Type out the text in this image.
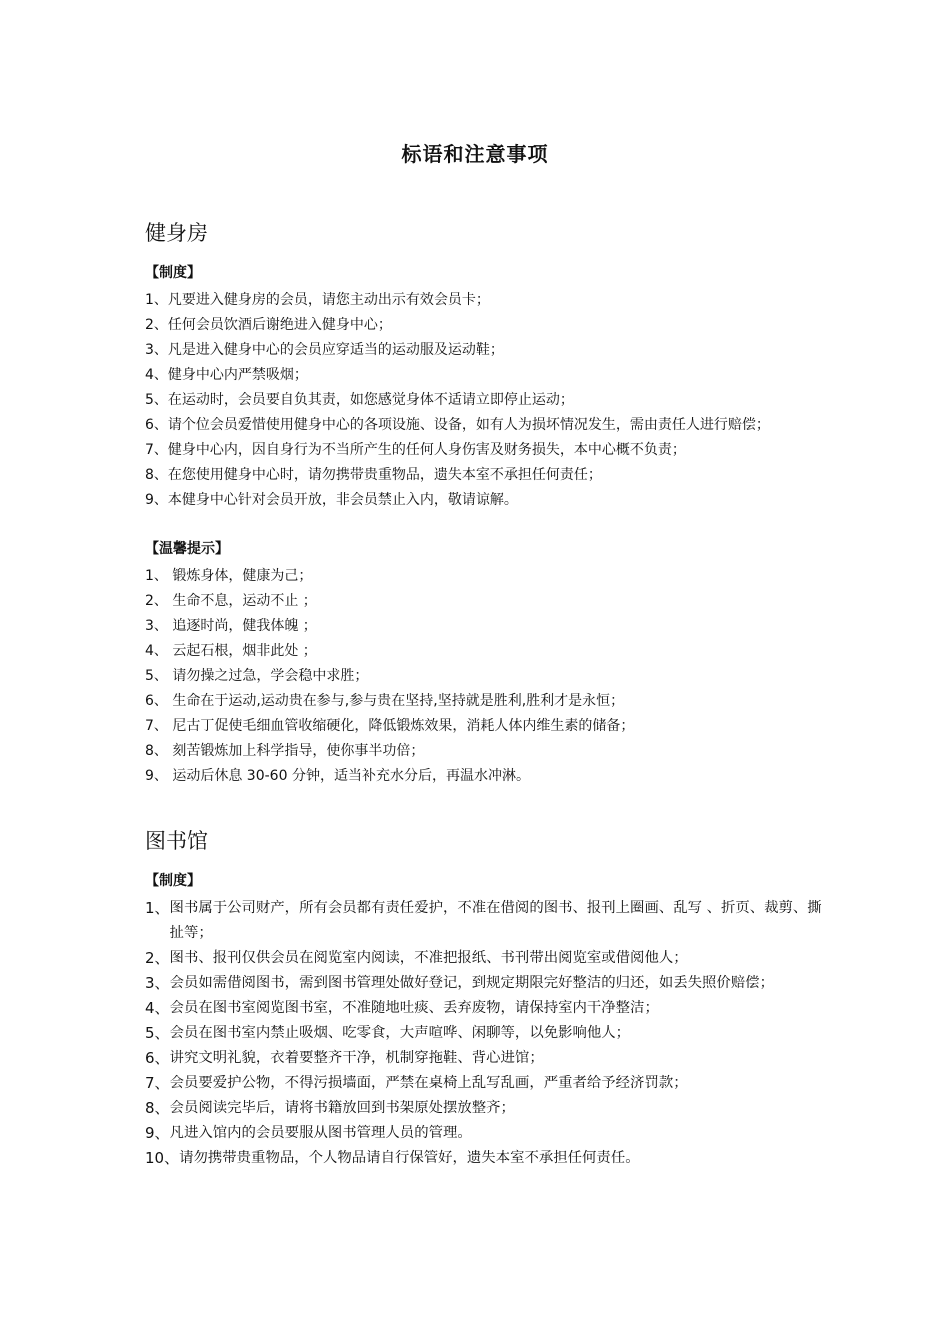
标语和注意事项
健身房
【制度】
1、 凡要进入健身房的会员，请您主动出示有效会员卡；
2、 任何会员饮酒后谢绝进入健身中心；
3、 凡是进入健身中心的会员应穿适当的运动服及运动鞋；
4、 健身中心内严禁吸烟；
5、 在运动时，会员要自负其责，如您感觉身体不适请立即停止运动；
6、 请个位会员爱惜使用健身中心的各项设施、设备，如有人为损坏情况发生，需由责任人进行赔偿；
7、 健身中心内，因自身行为不当所产生的任何人身伤害及财务损失，本中心概不负责；
8、 在您使用健身中心时，请勿携带贵重物品，遗失本室不承担任何责任；
9、 本健身中心针对会员开放，非会员禁止入内，敬请谅解。
【温馨提示】
1、 锻炼身体，健康为己；
2、 生命不息，运动不止 ；
3、 追逐时尚，健我体魄 ；
4、 云起石根，烟非此处 ；
5、 请勿操之过急，学会稳中求胜；
6、 生命在于运动,运动贵在参与,参与贵在坚持,坚持就是胜利,胜利才是永恒；
7、 尼古丁促使毛细血管收缩硬化，降低锻炼效果，消耗人体内维生素的储备；
8、 刻苦锻炼加上科学指导，使你事半功倍；
9、 运动后休息 30-60 分钟，适当补充水分后，再温水冲淋。
图书馆
【制度】
1、 图书属于公司财产，所有会员都有责任爱护，不准在借阅的图书、报刊上圈画、乱写 、折页、裁剪、撕扯等；
2、 图书、报刊仅供会员在阅览室内阅读，不准把报纸、书刊带出阅览室或借阅他人；
3、 会员如需借阅图书，需到图书管理处做好登记，到规定期限完好整洁的归还，如丢失照价赔偿；
4、 会员在图书室阅览图书室，不准随地吐痰、丢弃废物，请保持室内干净整洁；
5、 会员在图书室内禁止吸烟、吃零食，大声喧哗、闲聊等，以免影响他人；
6、 讲究文明礼貌，衣着要整齐干净，机制穿拖鞋、背心进馆；
7、 会员要爱护公物，不得污损墙面，严禁在桌椅上乱写乱画，严重者给予经济罚款；
8、 会员阅读完毕后，请将书籍放回到书架原处摆放整齐；
9、 凡进入馆内的会员要服从图书管理人员的管理。
10、 请勿携带贵重物品，个人物品请自行保管好，遗失本室不承担任何责任。
